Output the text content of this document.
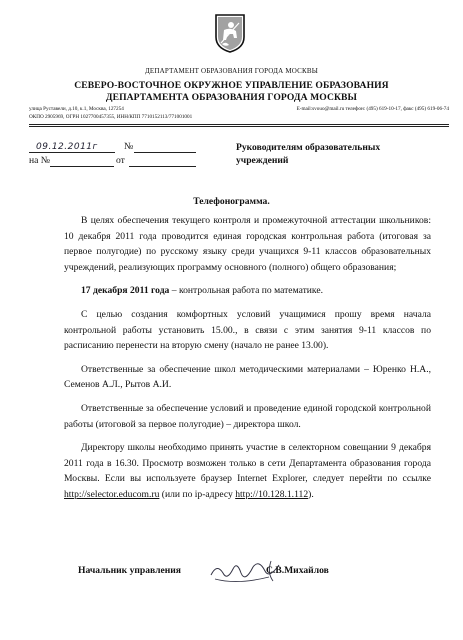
ДЕПАРТАМЕНТ ОБРАЗОВАНИЯ ГОРОДА МОСКВЫ
СЕВЕРО-ВОСТОЧНОЕ ОКРУЖНОЕ УПРАВЛЕНИЕ ОБРАЗОВАНИЯ
ДЕПАРТАМЕНТА ОБРАЗОВАНИЯ ГОРОДА МОСКВЫ
улица Руставели, д.10, к.1, Москва, 127254	E-mail:svouo@mail.ru телефон: (495) 619-10-17, факс (495) 619-06-74
ОКПО 2905969, ОГРН 1027700457355, ИНН/КПП 7710152113/771001001
09.12.2011г	№
на №	от
Руководителям образовательных
учреждений
Телефонограмма.

В целях обеспечения текущего контроля и промежуточной аттестации школьников: 10 декабря 2011 года проводится единая городская контрольная работа (итоговая за первое полугодие) по русскому языку среди учащихся 9-11 классов образовательных учреждений, реализующих программу основного (полного) общего образования;

17 декабря 2011 года – контрольная работа по математике.

С целью создания комфортных условий учащимися прошу время начала контрольной работы установить 15.00., в связи с этим занятия 9-11 классов по расписанию перенести на вторую смену (начало не ранее 13.00).

Ответственные за обеспечение школ методическими материалами – Юренко Н.А., Семенов А.Л., Рытов А.И.

Ответственные за обеспечение условий и проведение единой городской контрольной работы (итоговой за первое полугодие) – директора школ.

Директору школы необходимо принять участие в селекторном совещании 9 декабря 2011 года в 16.30. Просмотр возможен только в сети Департамента образования города Москвы. Если вы используете браузер Internet Explorer, следует перейти по ссылке http://selector.educom.ru (или по ip-адресу http://10.128.1.112).

Начальник управления	С.В.Михайлов
